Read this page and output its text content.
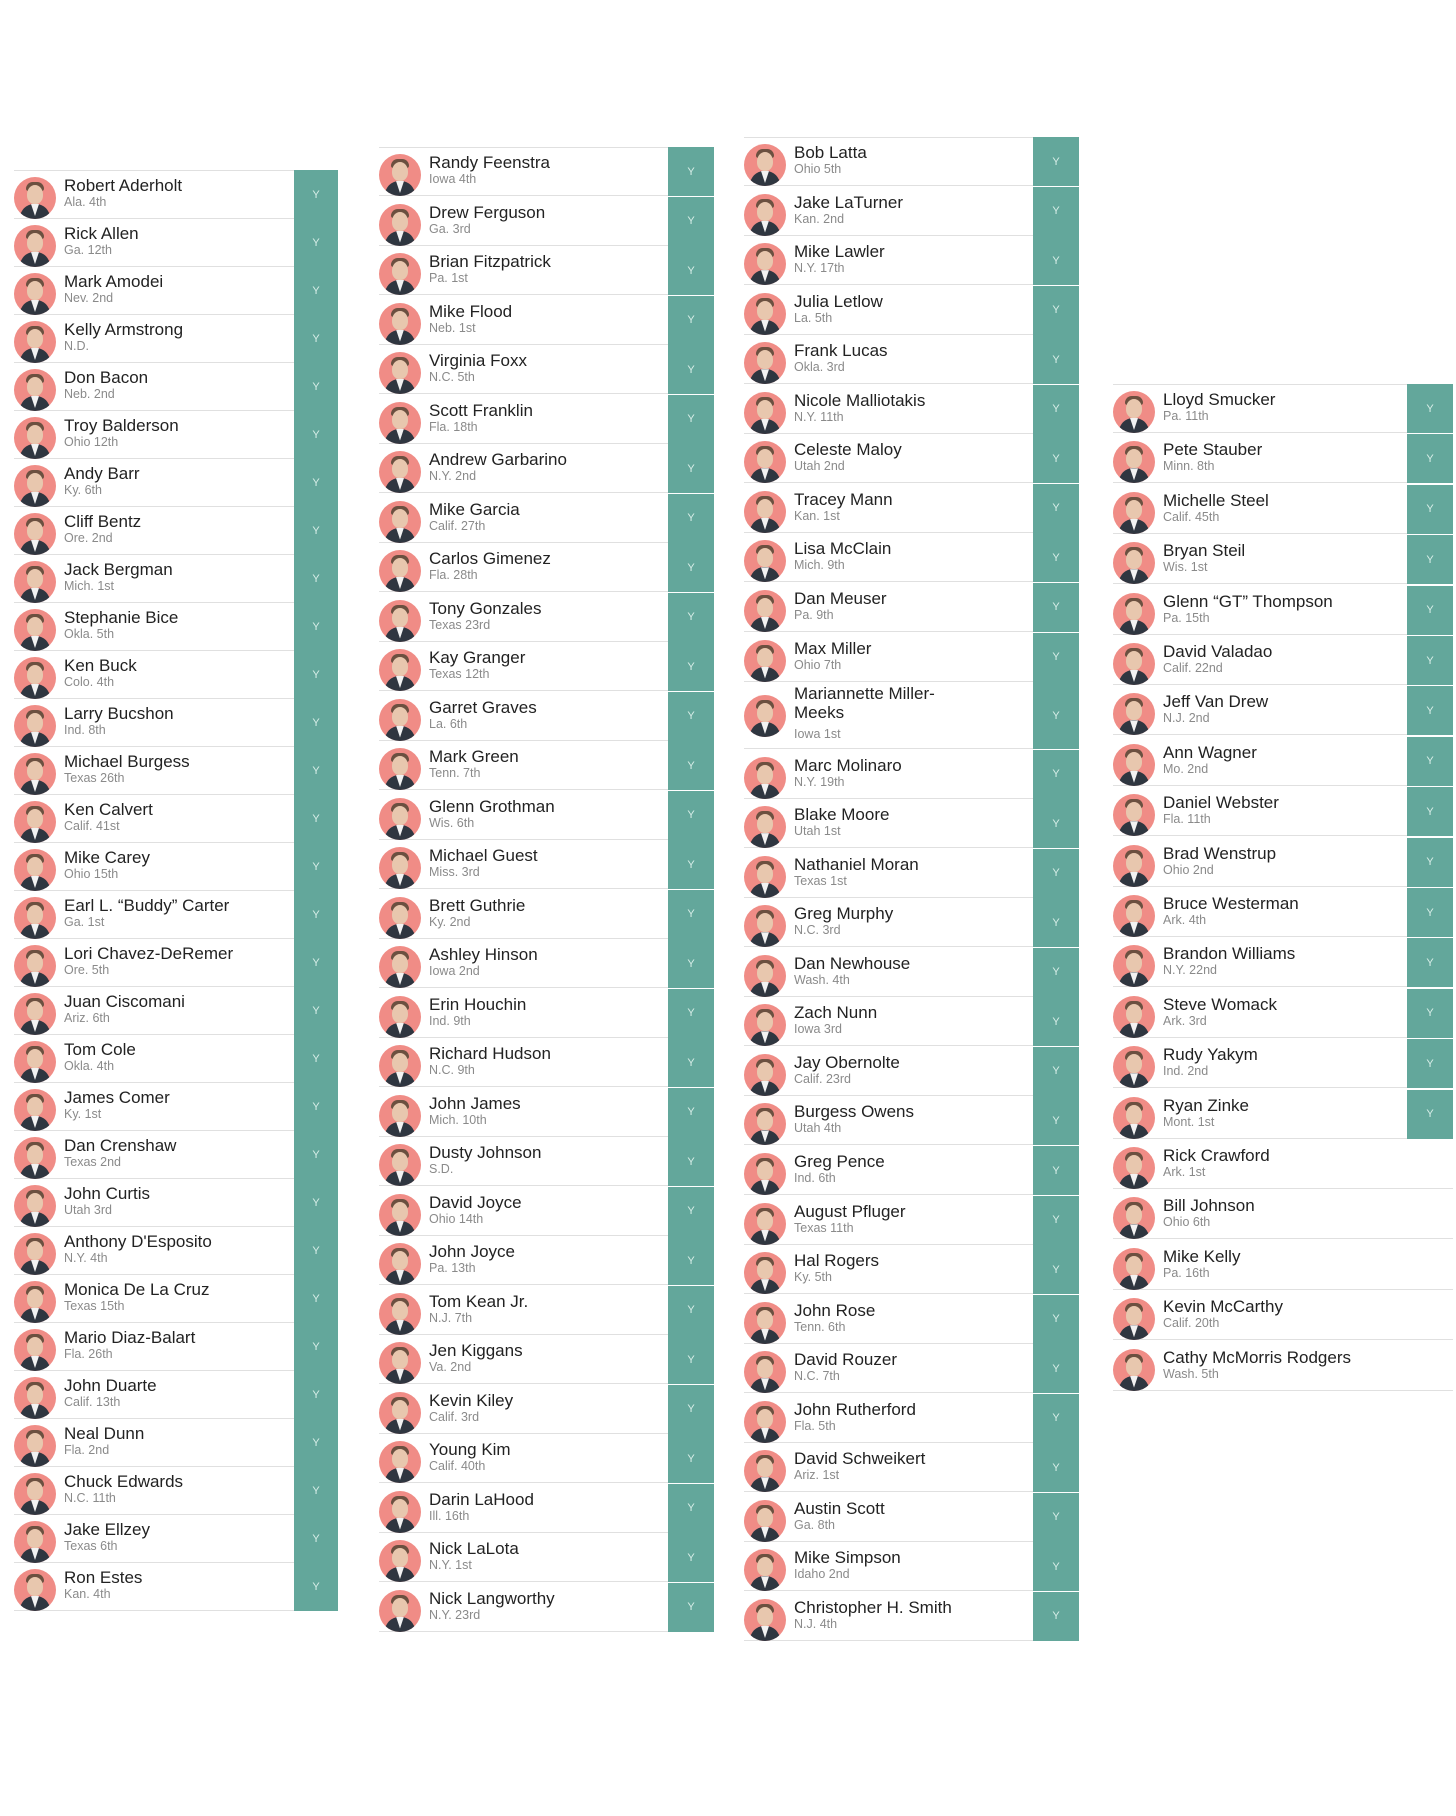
Robert Aderholt
Ala. 4th
Y
Rick Allen
Ga. 12th
Y
Mark Amodei
Nev. 2nd
Y
Kelly Armstrong
N.D.
Y
Don Bacon
Neb. 2nd
Y
Troy Balderson
Ohio 12th
Y
Andy Barr
Ky. 6th
Y
Cliff Bentz
Ore. 2nd
Y
Jack Bergman
Mich. 1st
Y
Stephanie Bice
Okla. 5th
Y
Ken Buck
Colo. 4th
Y
Larry Bucshon
Ind. 8th
Y
Michael Burgess
Texas 26th
Y
Ken Calvert
Calif. 41st
Y
Mike Carey
Ohio 15th
Y
Earl L. “Buddy” Carter
Ga. 1st
Y
Lori Chavez-DeRemer
Ore. 5th
Y
Juan Ciscomani
Ariz. 6th
Y
Tom Cole
Okla. 4th
Y
James Comer
Ky. 1st
Y
Dan Crenshaw
Texas 2nd
Y
John Curtis
Utah 3rd
Y
Anthony D'Esposito
N.Y. 4th
Y
Monica De La Cruz
Texas 15th
Y
Mario Diaz-Balart
Fla. 26th
Y
John Duarte
Calif. 13th
Y
Neal Dunn
Fla. 2nd
Y
Chuck Edwards
N.C. 11th
Y
Jake Ellzey
Texas 6th
Y
Ron Estes
Kan. 4th
Y
Randy Feenstra
Iowa 4th
Y
Drew Ferguson
Ga. 3rd
Y
Brian Fitzpatrick
Pa. 1st
Y
Mike Flood
Neb. 1st
Y
Virginia Foxx
N.C. 5th
Y
Scott Franklin
Fla. 18th
Y
Andrew Garbarino
N.Y. 2nd
Y
Mike Garcia
Calif. 27th
Y
Carlos Gimenez
Fla. 28th
Y
Tony Gonzales
Texas 23rd
Y
Kay Granger
Texas 12th
Y
Garret Graves
La. 6th
Y
Mark Green
Tenn. 7th
Y
Glenn Grothman
Wis. 6th
Y
Michael Guest
Miss. 3rd
Y
Brett Guthrie
Ky. 2nd
Y
Ashley Hinson
Iowa 2nd
Y
Erin Houchin
Ind. 9th
Y
Richard Hudson
N.C. 9th
Y
John James
Mich. 10th
Y
Dusty Johnson
S.D.
Y
David Joyce
Ohio 14th
Y
John Joyce
Pa. 13th
Y
Tom Kean Jr.
N.J. 7th
Y
Jen Kiggans
Va. 2nd
Y
Kevin Kiley
Calif. 3rd
Y
Young Kim
Calif. 40th
Y
Darin LaHood
Ill. 16th
Y
Nick LaLota
N.Y. 1st
Y
Nick Langworthy
N.Y. 23rd
Y
Bob Latta
Ohio 5th
Y
Jake LaTurner
Kan. 2nd
Y
Mike Lawler
N.Y. 17th
Y
Julia Letlow
La. 5th
Y
Frank Lucas
Okla. 3rd
Y
Nicole Malliotakis
N.Y. 11th
Y
Celeste Maloy
Utah 2nd
Y
Tracey Mann
Kan. 1st
Y
Lisa McClain
Mich. 9th
Y
Dan Meuser
Pa. 9th
Y
Max Miller
Ohio 7th
Y
Mariannette Miller-Meeks
Iowa 1st
Y
Marc Molinaro
N.Y. 19th
Y
Blake Moore
Utah 1st
Y
Nathaniel Moran
Texas 1st
Y
Greg Murphy
N.C. 3rd
Y
Dan Newhouse
Wash. 4th
Y
Zach Nunn
Iowa 3rd
Y
Jay Obernolte
Calif. 23rd
Y
Burgess Owens
Utah 4th
Y
Greg Pence
Ind. 6th
Y
August Pfluger
Texas 11th
Y
Hal Rogers
Ky. 5th
Y
John Rose
Tenn. 6th
Y
David Rouzer
N.C. 7th
Y
John Rutherford
Fla. 5th
Y
David Schweikert
Ariz. 1st
Y
Austin Scott
Ga. 8th
Y
Mike Simpson
Idaho 2nd
Y
Christopher H. Smith
N.J. 4th
Y
Lloyd Smucker
Pa. 11th
Y
Pete Stauber
Minn. 8th
Y
Michelle Steel
Calif. 45th
Y
Bryan Steil
Wis. 1st
Y
Glenn “GT” Thompson
Pa. 15th
Y
David Valadao
Calif. 22nd
Y
Jeff Van Drew
N.J. 2nd
Y
Ann Wagner
Mo. 2nd
Y
Daniel Webster
Fla. 11th
Y
Brad Wenstrup
Ohio 2nd
Y
Bruce Westerman
Ark. 4th
Y
Brandon Williams
N.Y. 22nd
Y
Steve Womack
Ark. 3rd
Y
Rudy Yakym
Ind. 2nd
Y
Ryan Zinke
Mont. 1st
Y
Rick Crawford
Ark. 1st
Bill Johnson
Ohio 6th
Mike Kelly
Pa. 16th
Kevin McCarthy
Calif. 20th
Cathy McMorris Rodgers
Wash. 5th
